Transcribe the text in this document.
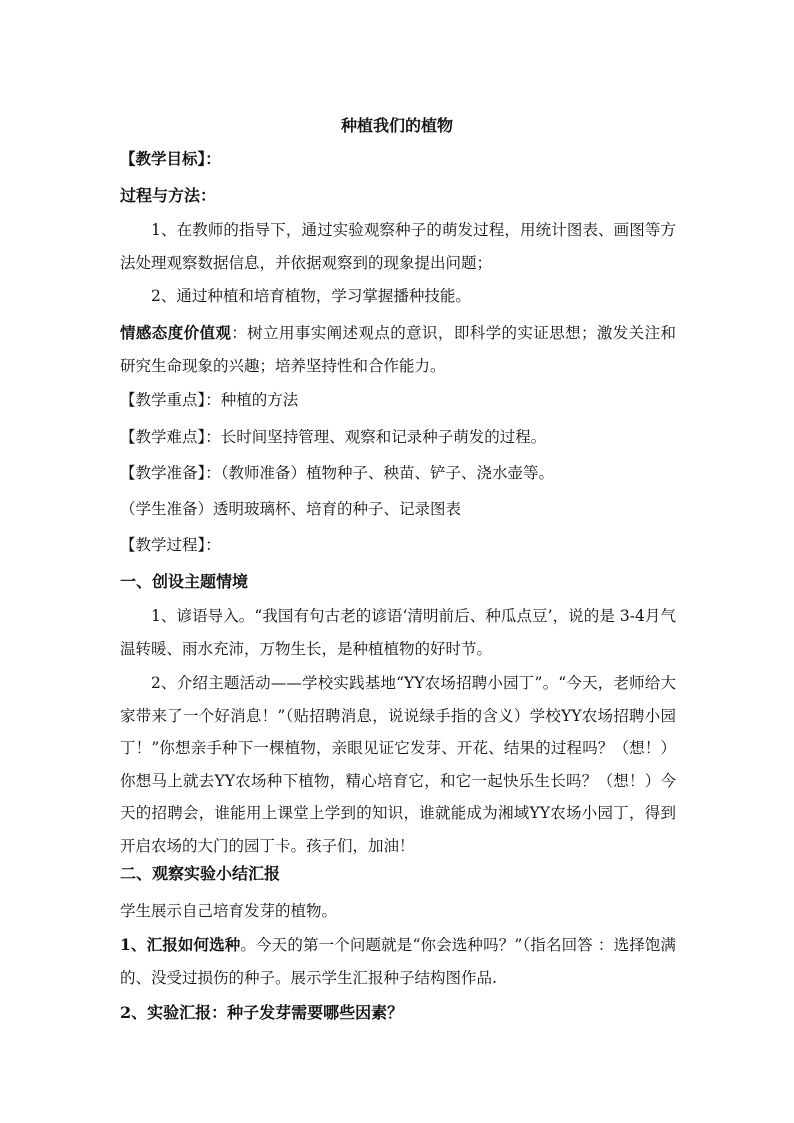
种植我们的植物
【教学目标】：
过程与方法：
1、在教师的指导下，通过实验观察种子的萌发过程，用统计图表、画图等方法处理观察数据信息，并依据观察到的现象提出问题；
2、通过种植和培育植物，学习掌握播种技能。
情感态度价值观：树立用事实阐述观点的意识，即科学的实证思想；激发关注和研究生命现象的兴趣；培养坚持性和合作能力。
【教学重点】：种植的方法
【教学难点】：长时间坚持管理、观察和记录种子萌发的过程。
【教学准备】：（教师准备）植物种子、秧苗、铲子、浇水壶等。
（学生准备）透明玻璃杯、培育的种子、记录图表
【教学过程】：
一、创设主题情境
1、谚语导入。“我国有句古老的谚语‘清明前后、种瓜点豆’，说的是 3-4月气温转暖、雨水充沛，万物生长，是种植植物的好时节。
2、介绍主题活动——学校实践基地“YY农场招聘小园丁”。“今天，老师给大家带来了一个好消息！”（贴招聘消息，说说绿手指的含义）学校YY农场招聘小园丁！”你想亲手种下一棵植物，亲眼见证它发芽、开花、结果的过程吗？（想！）你想马上就去YY农场种下植物，精心培育它，和它一起快乐生长吗？（想！）今天的招聘会，谁能用上课堂上学到的知识，谁就能成为湘域YY农场小园丁，得到开启农场的大门的园丁卡。孩子们，加油！
二、观察实验小结汇报
学生展示自己培育发芽的植物。
1、汇报如何选种。今天的第一个问题就是“你会选种吗？”（指名回答 ：选择饱满的、没受过损伤的种子。展示学生汇报种子结构图作品.
2、实验汇报：种子发芽需要哪些因素？
